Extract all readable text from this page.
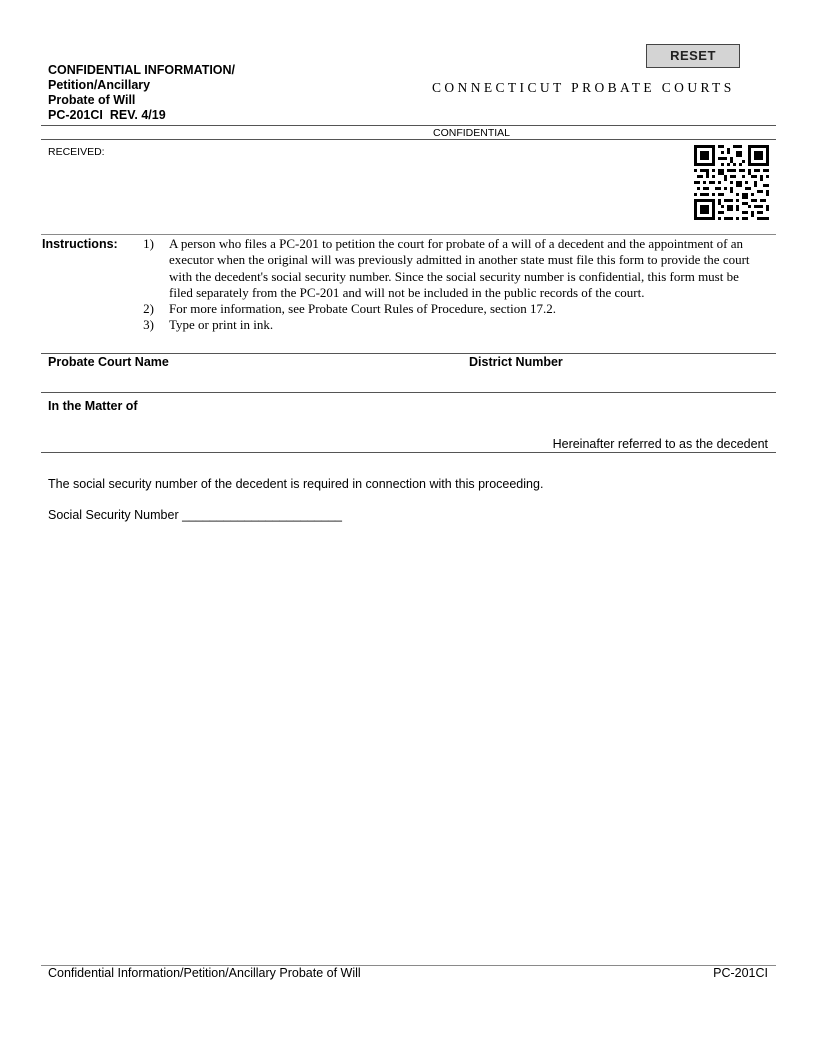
CONFIDENTIAL INFORMATION/
Petition/Ancillary
Probate of Will
PC-201CI  REV. 4/19
RESET
CONNECTICUT PROBATE COURTS
CONFIDENTIAL
RECEIVED:
Instructions:	1) A person who files a PC-201 to petition the court for probate of a will of a decedent and the appointment of an executor when the original will was previously admitted in another state must file this form to provide the court with the decedent's social security number. Since the social security number is confidential, this form must be filed separately from the PC-201 and will not be included in the public records of the court.
2) For more information, see Probate Court Rules of Procedure, section 17.2.
3) Type or print in ink.
Probate Court Name	District Number
In the Matter of
Hereinafter referred to as the decedent
The social security number of the decedent is required in connection with this proceeding.
Social Security Number _______________________
Confidential Information/Petition/Ancillary Probate of Will	PC-201CI
